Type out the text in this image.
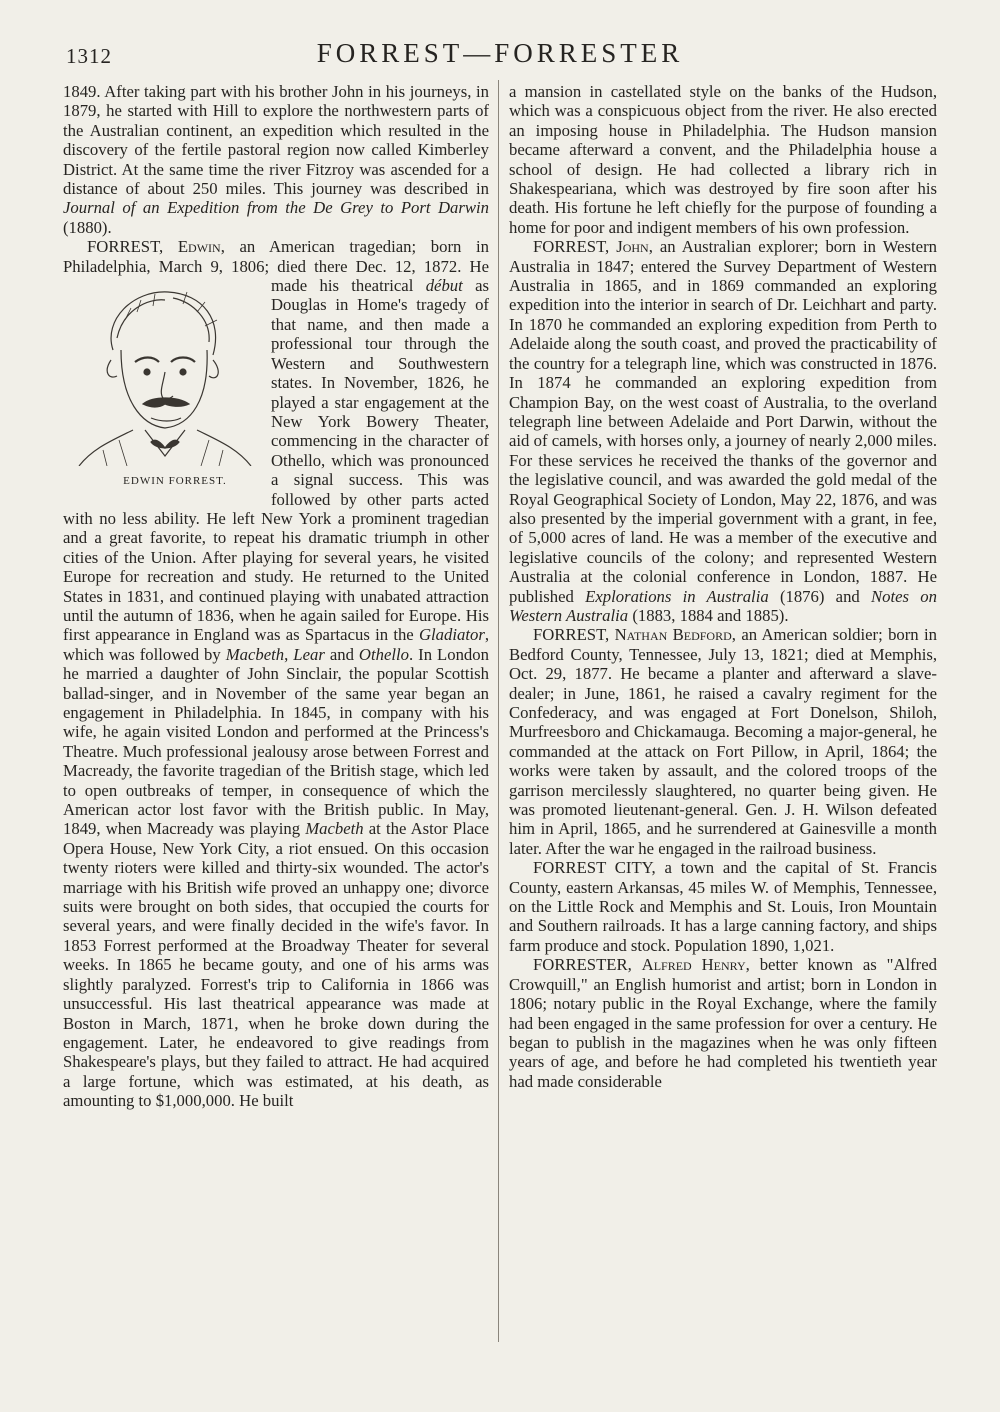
1312	FORREST—FORRESTER

1849. After taking part with his brother John in his journeys, in 1879, he started with Hill to explore the northwestern parts of the Australian continent, an expedition which resulted in the discovery of the fertile pastoral region now called Kimberley District. At the same time the river Fitzroy was ascended for a distance of about 250 miles. This journey was described in Journal of an Expedition from the De Grey to Port Darwin (1880).

FORREST, Edwin, an American tragedian; born in Philadelphia, March 9, 1806; died there Dec. 12, 1872. He made his theatrical
EDWIN FORREST.
début as Douglas in Home's tragedy of that name, and then made a professional tour through the Western and Southwestern states. In November, 1826, he played a star engagement at the New York Bowery Theater, commencing in the character of Othello, which was pronounced a signal success. This was followed by other parts acted with no less ability. He left New York a prominent tragedian and a great favorite, to repeat his dramatic triumph in other cities of the Union. After playing for several years, he visited Europe for recreation and study. He returned to the United States in 1831, and continued playing with unabated attraction until the autumn of 1836, when he again sailed for Europe. His first appearance in England was as Spartacus in the Gladiator, which was followed by Macbeth, Lear and Othello. In London he married a daughter of John Sinclair, the popular Scottish ballad-singer, and in November of the same year began an engagement in Philadelphia. In 1845, in company with his wife, he again visited London and performed at the Princess's Theatre. Much professional jealousy arose between Forrest and Macready, the favorite tragedian of the British stage, which led to open outbreaks of temper, in consequence of which the American actor lost favor with the British public. In May, 1849, when Macready was playing Macbeth at the Astor Place Opera House, New York City, a riot ensued. On this occasion twenty rioters were killed and thirty-six wounded. The actor's marriage with his British wife proved an unhappy one; divorce suits were brought on both sides, that occupied the courts for several years, and were finally decided in the wife's favor. In 1853 Forrest performed at the Broadway Theater for several weeks. In 1865 he became gouty, and one of his arms was slightly paralyzed. Forrest's trip to California in 1866 was unsuccessful. His last theatrical appearance was made at Boston in March, 1871, when he broke down during the engagement. Later, he endeavored to give readings from Shakespeare's plays, but they failed to attract. He had acquired a large fortune, which was estimated, at his death, as amounting to $1,000,000. He built

a mansion in castellated style on the banks of the Hudson, which was a conspicuous object from the river. He also erected an imposing house in Philadelphia. The Hudson mansion became afterward a convent, and the Philadelphia house a school of design. He had collected a library rich in Shakespeariana, which was destroyed by fire soon after his death. His fortune he left chiefly for the purpose of founding a home for poor and indigent members of his own profession.

FORREST, John, an Australian explorer; born in Western Australia in 1847; entered the Survey Department of Western Australia in 1865, and in 1869 commanded an exploring expedition into the interior in search of Dr. Leichhart and party. In 1870 he commanded an exploring expedition from Perth to Adelaide along the south coast, and proved the practicability of the country for a telegraph line, which was constructed in 1876. In 1874 he commanded an exploring expedition from Champion Bay, on the west coast of Australia, to the overland telegraph line between Adelaide and Port Darwin, without the aid of camels, with horses only, a journey of nearly 2,000 miles. For these services he received the thanks of the governor and the legislative council, and was awarded the gold medal of the Royal Geographical Society of London, May 22, 1876, and was also presented by the imperial government with a grant, in fee, of 5,000 acres of land. He was a member of the executive and legislative councils of the colony; and represented Western Australia at the colonial conference in London, 1887. He published Explorations in Australia (1876) and Notes on Western Australia (1883, 1884 and 1885).

FORREST, Nathan Bedford, an American soldier; born in Bedford County, Tennessee, July 13, 1821; died at Memphis, Oct. 29, 1877. He became a planter and afterward a slave-dealer; in June, 1861, he raised a cavalry regiment for the Confederacy, and was engaged at Fort Donelson, Shiloh, Murfreesboro and Chickamauga. Becoming a major-general, he commanded at the attack on Fort Pillow, in April, 1864; the works were taken by assault, and the colored troops of the garrison mercilessly slaughtered, no quarter being given. He was promoted lieutenant-general. Gen. J. H. Wilson defeated him in April, 1865, and he surrendered at Gainesville a month later. After the war he engaged in the railroad business.

FORREST CITY, a town and the capital of St. Francis County, eastern Arkansas, 45 miles W. of Memphis, Tennessee, on the Little Rock and Memphis and St. Louis, Iron Mountain and Southern railroads. It has a large canning factory, and ships farm produce and stock. Population 1890, 1,021.

FORRESTER, Alfred Henry, better known as "Alfred Crowquill," an English humorist and artist; born in London in 1806; notary public in the Royal Exchange, where the family had been engaged in the same profession for over a century. He began to publish in the magazines when he was only fifteen years of age, and before he had completed his twentieth year had made considerable
